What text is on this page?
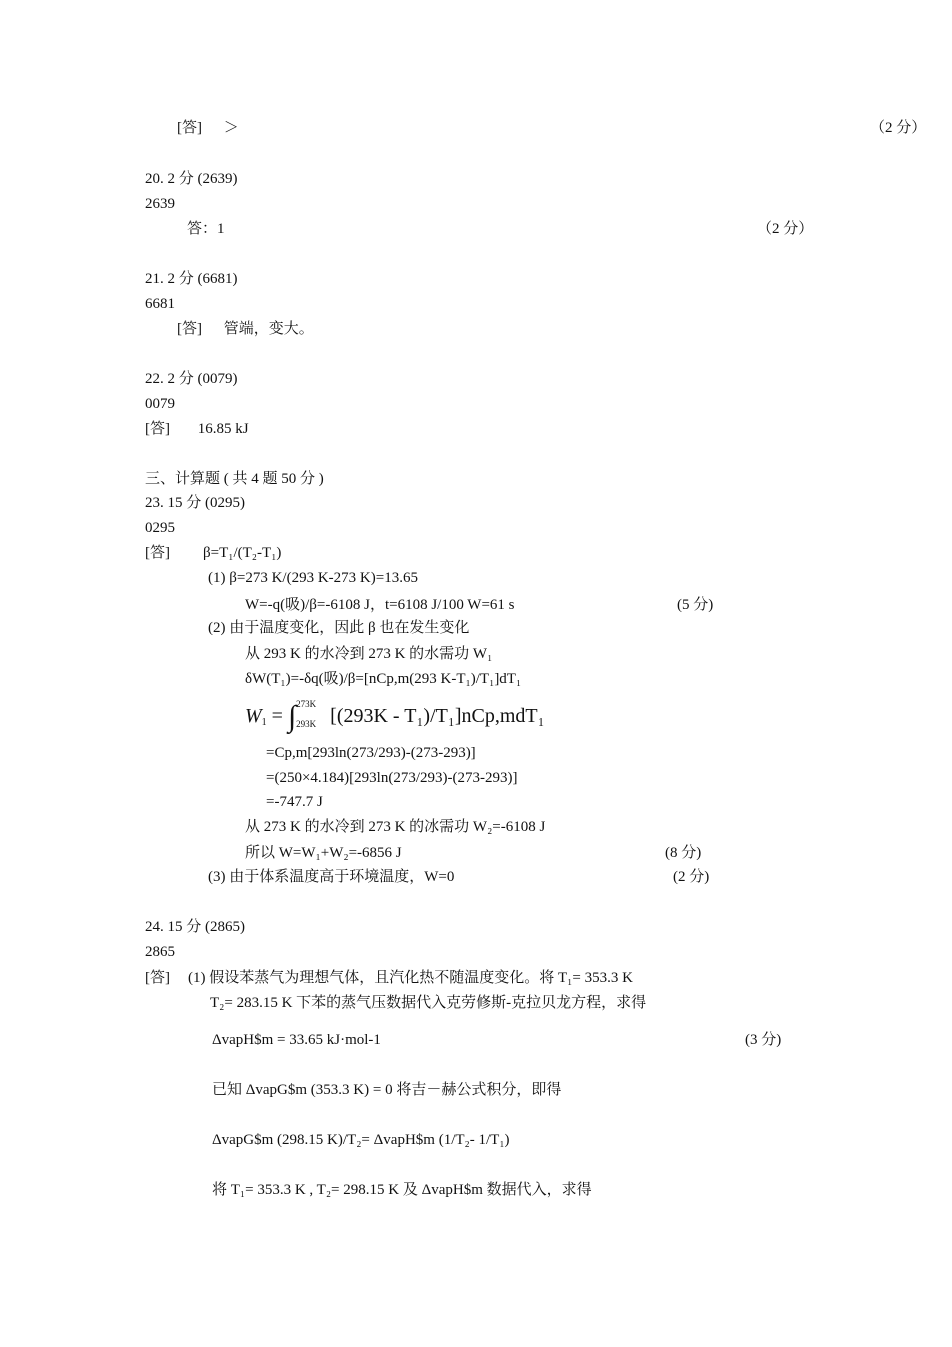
[答] ＞	（2 分）
20. 2 分 (2639)
2639
答：1	（2 分）
21. 2 分 (6681)
6681
[答] 管端，变大。
22. 2 分 (0079)
0079
[答] 16.85 kJ
三、计算题 ( 共 4 题 50 分 )
23. 15 分 (0295)
0295
[答] β=T₁/(T₂-T₁)
(1) β=273 K/(293 K-273 K)=13.65
W=-q(吸)/β=-6108 J，t=6108 J/100 W=61 s	(5 分)
(2) 由于温度变化，因此 β 也在发生变化
从 293 K 的水冷到 273 K 的水需功 W₁
δW(T₁)=-δq(吸)/β=[nCp,m(293 K-T₁)/T₁]dT₁
$W_1$ = ∫ 273K
293K [(293K - T₁)/T₁]nCp,mdT₁
=Cp,m[293ln(273/293)-(273-293)]
=(250×4.184)[293ln(273/293)-(273-293)]
=-747.7 J
从 273 K 的水冷到 273 K 的冰需功 W₂=-6108 J
所以 W=W₁+W₂=-6856 J	(8 分)
(3) 由于体系温度高于环境温度，W=0	(2 分)
24. 15 分 (2865)
2865
[答] (1) 假设苯蒸气为理想气体，且汽化热不随温度变化。将 T₁= 353.3 K
T₂= 283.15 K 下苯的蒸气压数据代入克劳修斯-克拉贝龙方程，求得
ΔvapH$m = 33.65 kJ·mol-1	(3 分)
已知 ΔvapG$m (353.3 K) = 0 将吉－赫公式积分，即得
ΔvapG$m (298.15 K)/T₂= ΔvapH$m (1/T₂- 1/T₁)
将 T₁= 353.3 K , T₂= 298.15 K 及 ΔvapH$m 数据代入，求得
